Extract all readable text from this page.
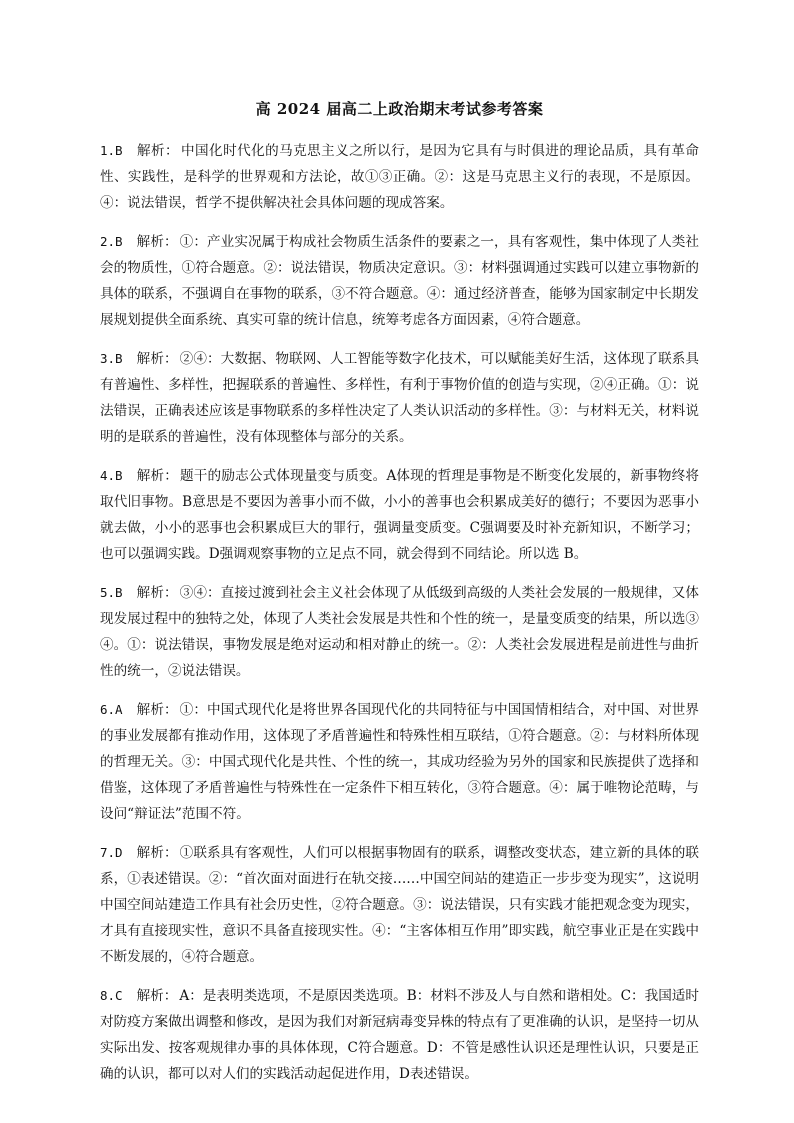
高 2024 届高二上政治期末考试参考答案
1.B 解析： 中国化时代化的马克思主义之所以行，是因为它具有与时俱进的理论品质，具有革命性、实践性，是科学的世界观和方法论，故①③正确。②：这是马克思主义行的表现，不是原因。④：说法错误，哲学不提供解决社会具体问题的现成答案。
2.B 解析： ①：产业实况属于构成社会物质生活条件的要素之一，具有客观性，集中体现了人类社会的物质性，①符合题意。②：说法错误，物质决定意识。③：材料强调通过实践可以建立事物新的具体的联系，不强调自在事物的联系，③不符合题意。④：通过经济普查，能够为国家制定中长期发展规划提供全面系统、真实可靠的统计信息，统筹考虑各方面因素，④符合题意。
3.B 解析： ②④：大数据、物联网、人工智能等数字化技术，可以赋能美好生活，这体现了联系具有普遍性、多样性，把握联系的普遍性、多样性，有利于事物价值的创造与实现，②④正确。①：说法错误，正确表述应该是事物联系的多样性决定了人类认识活动的多样性。③：与材料无关，材料说明的是联系的普遍性，没有体现整体与部分的关系。
4.B 解析： 题干的励志公式体现量变与质变。A体现的哲理是事物是不断变化发展的，新事物终将取代旧事物。B意思是不要因为善事小而不做，小小的善事也会积累成美好的德行；不要因为恶事小就去做，小小的恶事也会积累成巨大的罪行，强调量变质变。C强调要及时补充新知识，不断学习；也可以强调实践。D强调观察事物的立足点不同，就会得到不同结论。所以选 B。
5.B 解析： ③④：直接过渡到社会主义社会体现了从低级到高级的人类社会发展的一般规律，又体现发展过程中的独特之处，体现了人类社会发展是共性和个性的统一，是量变质变的结果，所以选③④。①：说法错误，事物发展是绝对运动和相对静止的统一。②：人类社会发展进程是前进性与曲折性的统一，②说法错误。
6.A 解析： ①：中国式现代化是将世界各国现代化的共同特征与中国国情相结合，对中国、对世界的事业发展都有推动作用，这体现了矛盾普遍性和特殊性相互联结，①符合题意。②：与材料所体现的哲理无关。③：中国式现代化是共性、个性的统一，其成功经验为另外的国家和民族提供了选择和借鉴，这体现了矛盾普遍性与特殊性在一定条件下相互转化，③符合题意。④：属于唯物论范畴，与设问“辩证法”范围不符。
7.D 解析： ①联系具有客观性，人们可以根据事物固有的联系，调整改变状态，建立新的具体的联系，①表述错误。②：“首次面对面进行在轨交接……中国空间站的建造正一步步变为现实”，这说明中国空间站建造工作具有社会历史性，②符合题意。③：说法错误，只有实践才能把观念变为现实，才具有直接现实性，意识不具备直接现实性。④：“主客体相互作用”即实践，航空事业正是在实践中不断发展的，④符合题意。
8.C 解析： A：是表明类选项，不是原因类选项。B：材料不涉及人与自然和谐相处。C：我国适时对防疫方案做出调整和修改，是因为我们对新冠病毒变异株的特点有了更准确的认识，是坚持一切从实际出发、按客观规律办事的具体体现，C符合题意。D：不管是感性认识还是理性认识，只要是正确的认识，都可以对人们的实践活动起促进作用，D表述错误。
